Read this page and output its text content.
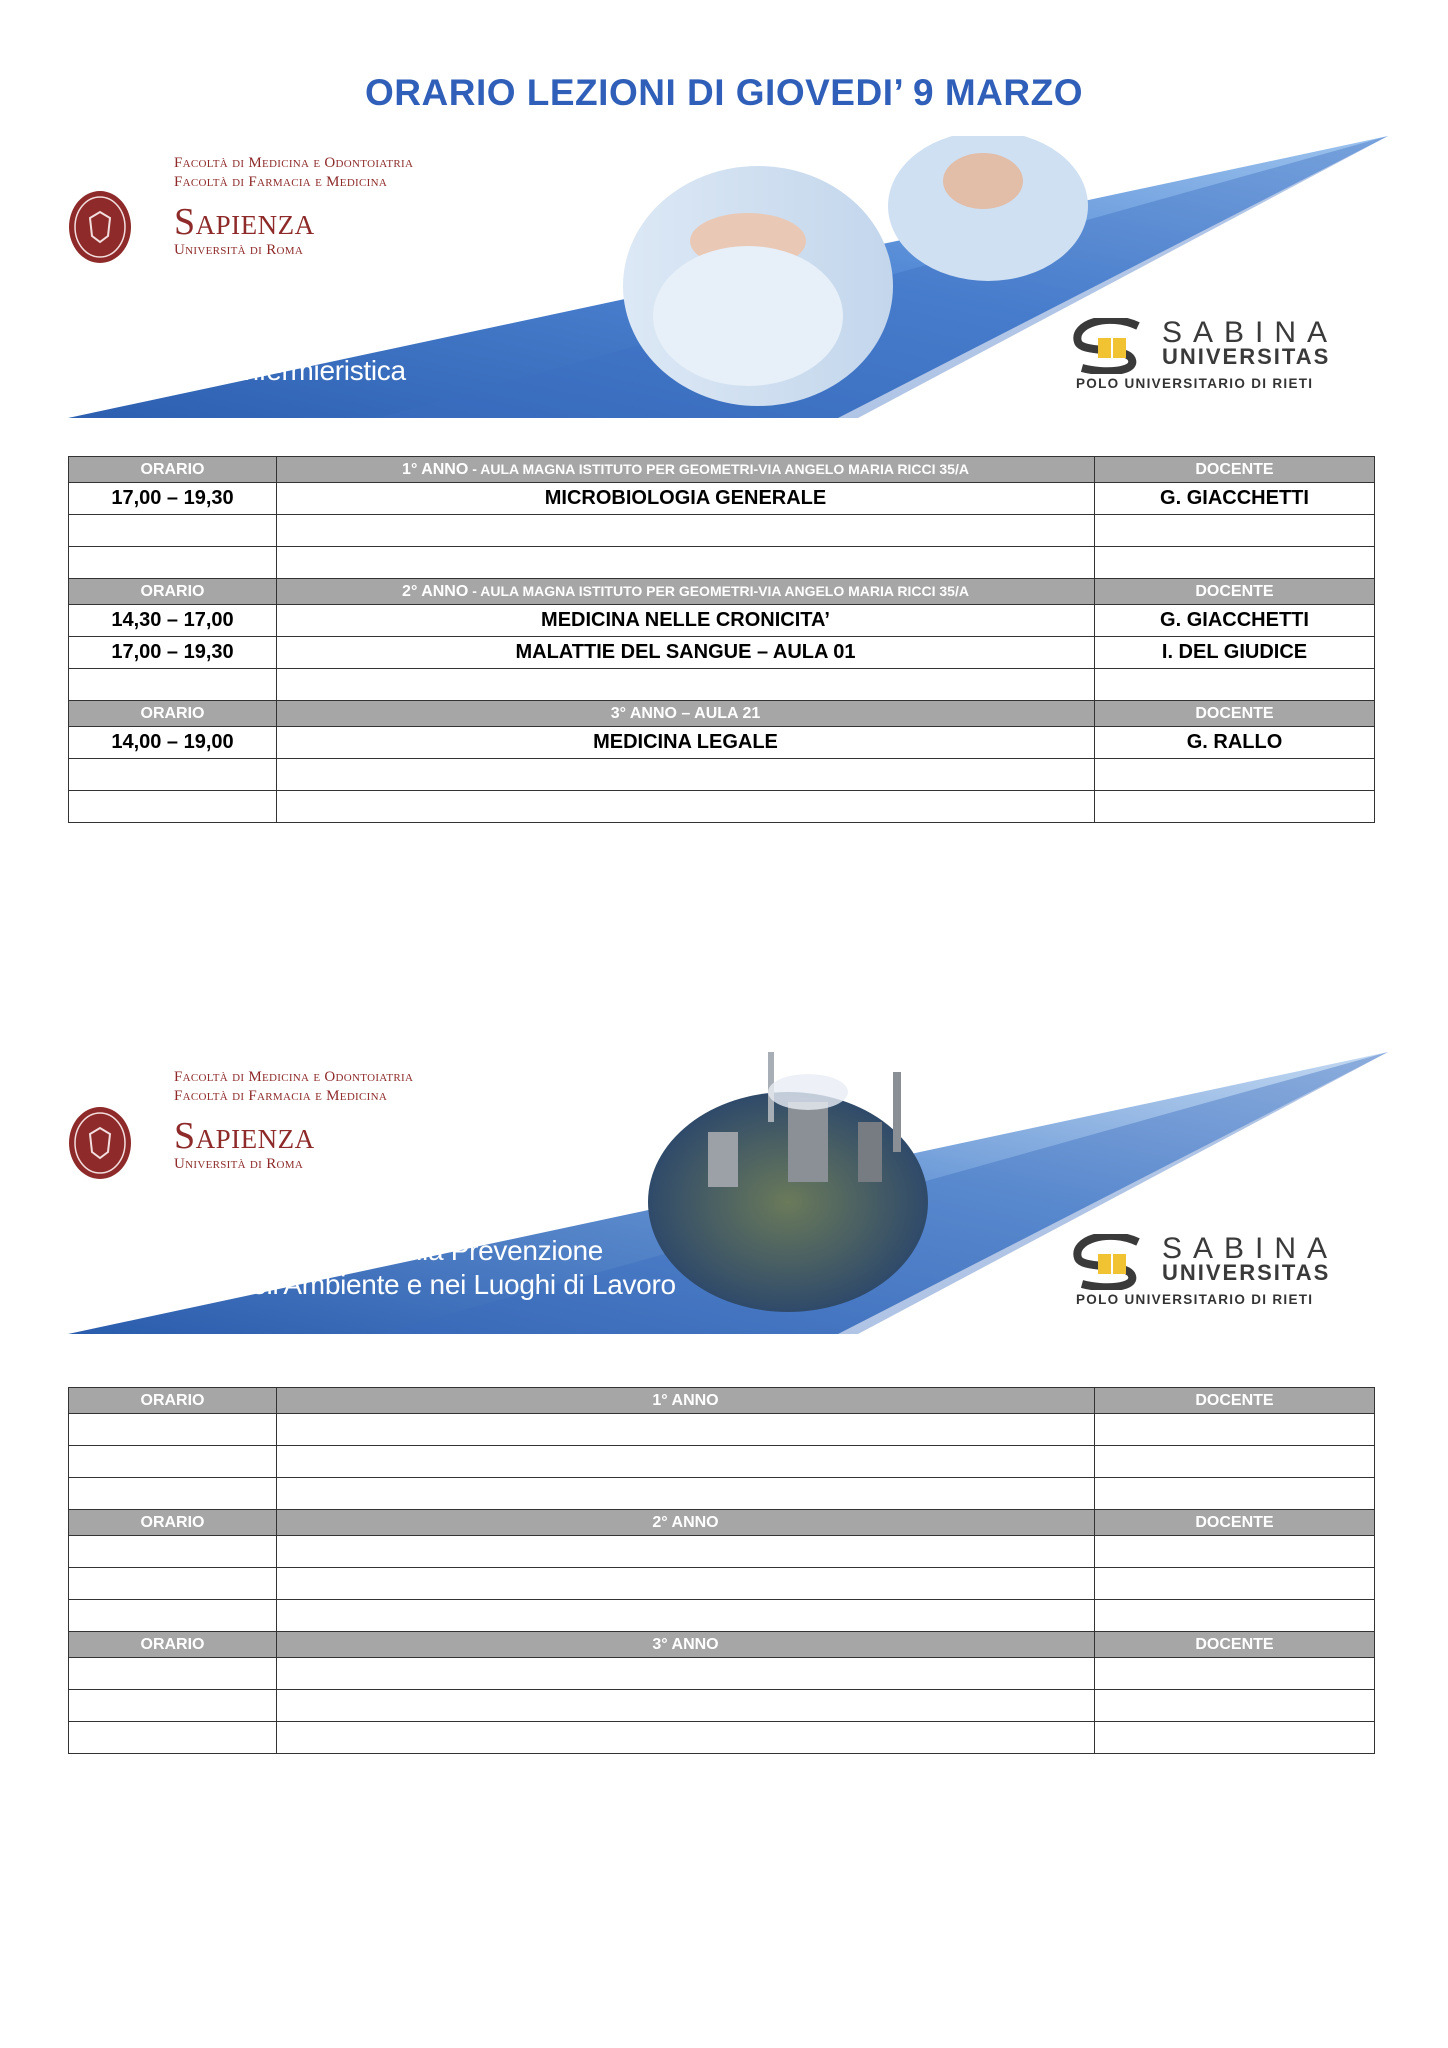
ORARIO LEZIONI DI GIOVEDI’ 9 MARZO
Facoltà di Medicina e Odontoiatria
Facoltà di Farmacia e Medicina
Sapienza
Università di Roma
Infermieristica
SABINA
UNIVERSITAS
POLO UNIVERSITARIO DI RIETI
ORARIO	1° ANNO - AULA MAGNA ISTITUTO PER GEOMETRI-VIA ANGELO MARIA RICCI 35/A	DOCENTE
17,00 – 19,30	MICROBIOLOGIA GENERALE	G. GIACCHETTI

ORARIO	2° ANNO - AULA MAGNA ISTITUTO PER GEOMETRI-VIA ANGELO MARIA RICCI 35/A	DOCENTE
14,30 – 17,00	MEDICINA NELLE CRONICITA’	G. GIACCHETTI
17,00 – 19,30	MALATTIE DEL SANGUE – AULA 01	I. DEL GIUDICE

ORARIO	3° ANNO – AULA 21	DOCENTE
14,00 – 19,00	MEDICINA LEGALE	G. RALLO

Facoltà di Medicina e Odontoiatria
Facoltà di Farmacia e Medicina
Sapienza
Università di Roma
Tecniche della Prevenzione
nell'Ambiente e nei Luoghi di Lavoro
SABINA
UNIVERSITAS
POLO UNIVERSITARIO DI RIETI
ORARIO	1° ANNO	DOCENTE

ORARIO	2° ANNO	DOCENTE

ORARIO	3° ANNO	DOCENTE
